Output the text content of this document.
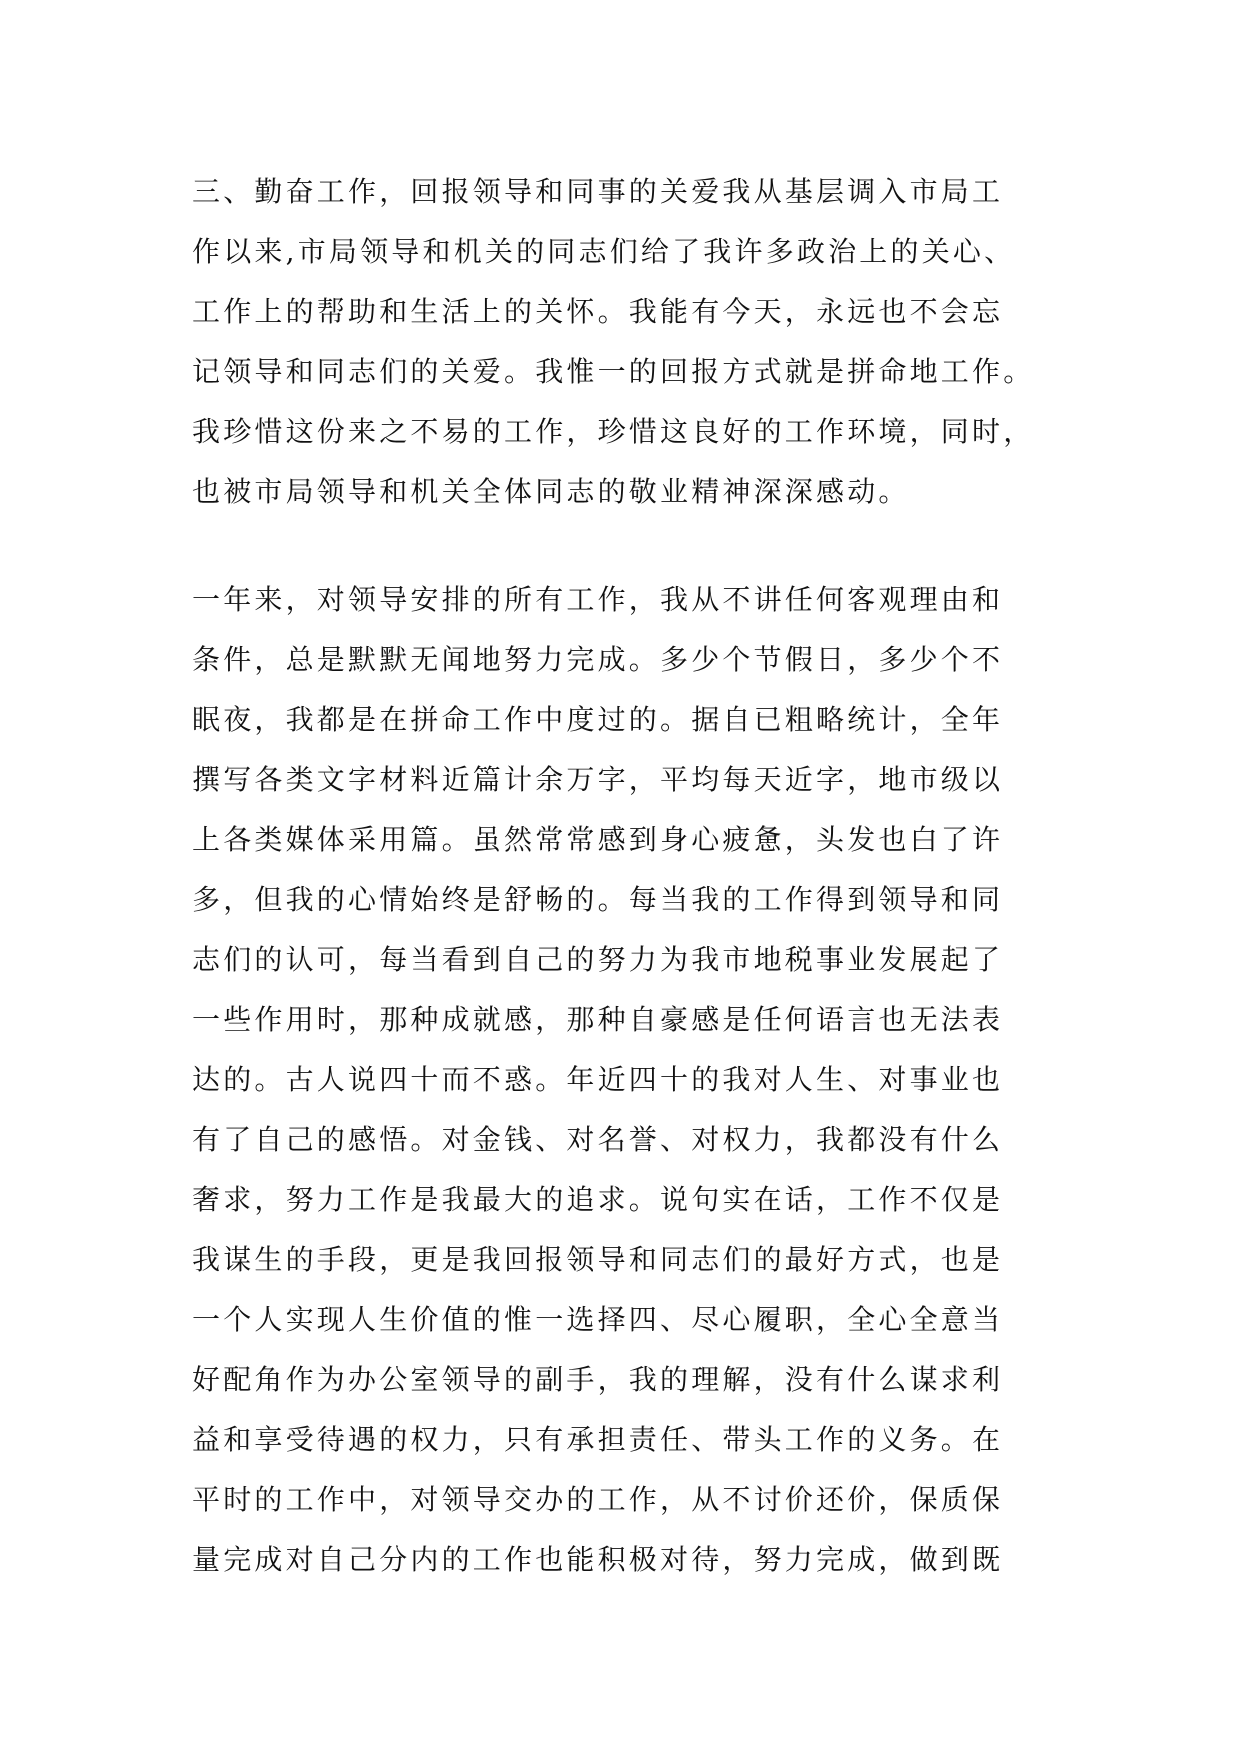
三、勤奋工作，回报领导和同事的关爱我从基层调入市局工
作以来,市局领导和机关的同志们给了我许多政治上的关心、
工作上的帮助和生活上的关怀。我能有今天，永远也不会忘
记领导和同志们的关爱。我惟一的回报方式就是拼命地工作。
我珍惜这份来之不易的工作，珍惜这良好的工作环境，同时，
也被市局领导和机关全体同志的敬业精神深深感动。
一年来，对领导安排的所有工作，我从不讲任何客观理由和
条件，总是默默无闻地努力完成。多少个节假日，多少个不
眠夜，我都是在拼命工作中度过的。据自已粗略统计，全年
撰写各类文字材料近篇计余万字，平均每天近字，地市级以
上各类媒体采用篇。虽然常常感到身心疲惫，头发也白了许
多，但我的心情始终是舒畅的。每当我的工作得到领导和同
志们的认可，每当看到自己的努力为我市地税事业发展起了
一些作用时，那种成就感，那种自豪感是任何语言也无法表
达的。古人说四十而不惑。年近四十的我对人生、对事业也
有了自己的感悟。对金钱、对名誉、对权力，我都没有什么
奢求，努力工作是我最大的追求。说句实在话，工作不仅是
我谋生的手段，更是我回报领导和同志们的最好方式，也是
一个人实现人生价值的惟一选择四、尽心履职，全心全意当
好配角作为办公室领导的副手，我的理解，没有什么谋求利
益和享受待遇的权力，只有承担责任、带头工作的义务。在
平时的工作中，对领导交办的工作，从不讨价还价，保质保
量完成对自己分内的工作也能积极对待，努力完成，做到既
